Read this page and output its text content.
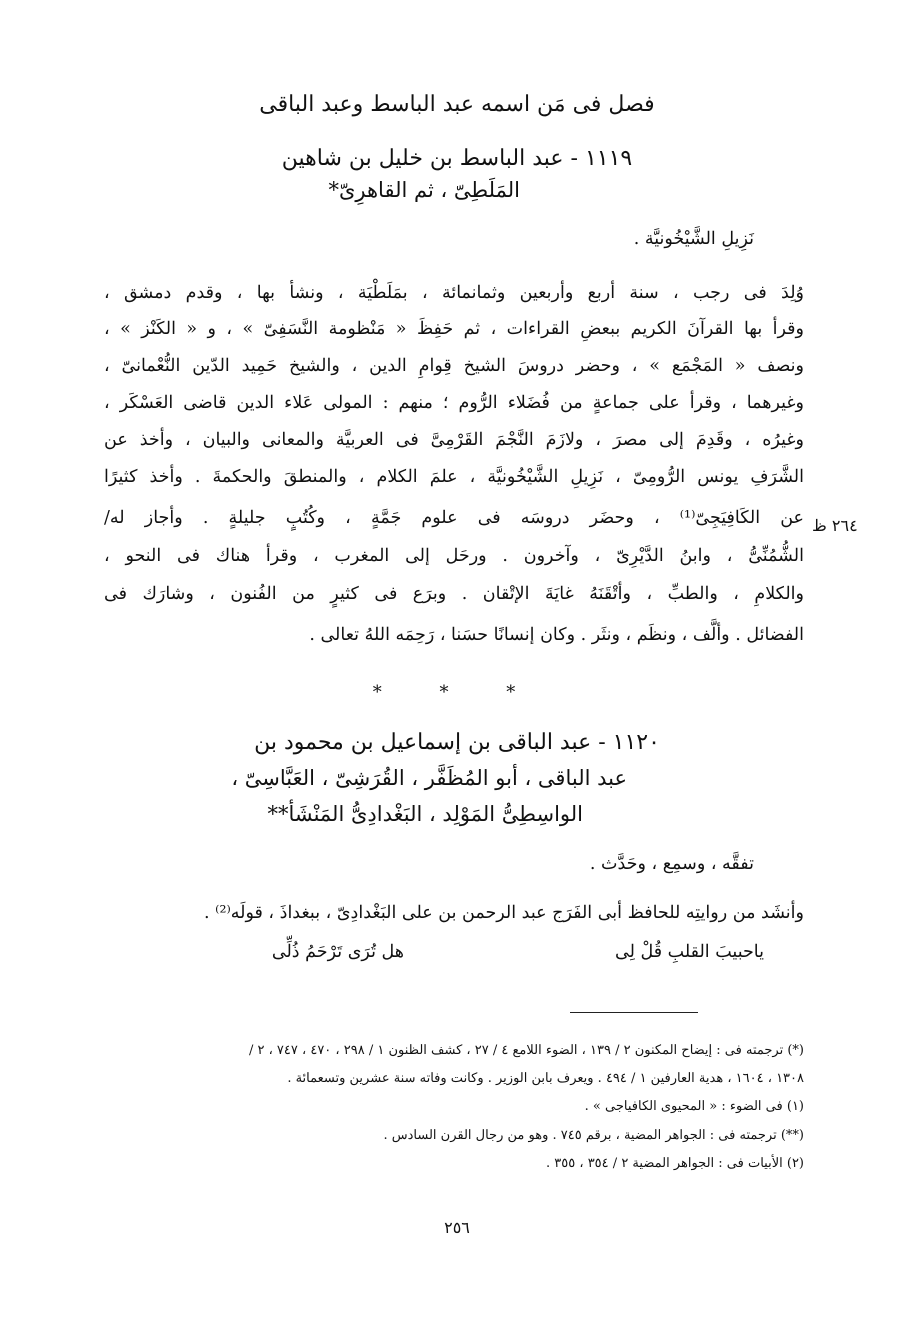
فصل فى مَن اسمه عبد الباسط وعبد الباقى
١١١٩ - عبد الباسط بن خليل بن شاهين
المَلَطِىّ ، ثم القاهرِىّ*
نَزِيلِ الشَّيْخُونيَّة .
وُلِدَ فى رجب ، سنة أربع وأربعين وثمانمائة ، بمَلَطْيَة ، ونشأ بها ، وقدم دمشق ،
وقرأ بها القرآنَ الكريم ببعضِ القراءات ، ثم حَفِظَ « مَنْظومة النَّسَفِىّ » ، و « الكَنْز » ،
ونصف « المَجْمَع » ، وحضر دروسَ الشيخ قِوامِ الدين ، والشيخ حَمِيد الدّين النُّعْمانىّ ،
وغيرهما ، وقرأ على جماعةٍ من فُضَلاء الرُّوم ؛ منهم : المولى عَلاء الدين قاضى العَسْكَر ،
وغيرُه ، وقَدِمَ إلى مصرَ ، ولازَمَ النَّجْمَ القَرْمِىَّ فى العربيَّة والمعانى والبيان ، وأخذ عن
الشَّرَفِ يونس الرُّومِىّ ، نَزِيلِ الشَّيْخُونيَّة ، علمَ الكلام ، والمنطقَ والحكمةَ . وأخذ كثيرًا
عن الكَافِيَجِىّ⁽¹⁾ ، وحضَر دروسَه فى علوم جَمَّةٍ ، وكُتُبٍ جليلةٍ . وأجاز له/
الشُّمُنِّىُّ ، وابنُ الدَّيْرِىّ ، وآخرون . ورحَل إلى المغرب ، وقرأ هناك فى النحو ،
والكلامِ ، والطبِّ ، وأتْقَنَهُ غايَةَ الإتْقان . وبرَع فى كثيرٍ من الفُنون ، وشارَك فى
الفضائل . وألَّف ، ونظَم ، ونثَر . وكان إنسانًا حسَنا ، رَحِمَه اللهُ تعالى .
٢٦٤ ظ
* * *
١١٢٠ - عبد الباقى بن إسماعيل بن محمود بن
عبد الباقى ، أبو المُظَفَّر ، القُرَشِىّ ، العَبَّاسِىّ ،
الواسِطِىُّ المَوْلِد ، البَغْدادِىُّ المَنْشَأ**
تفقَّه ، وسمِع ، وحَدَّث .
وأنشَد من روايتِه للحافظ أبى الفَرَج عبد الرحمن بن على البَغْدادِىّ ، ببغداذَ ، قولَه⁽²⁾ .
ياحبيبَ القلبِ قُلْ لِى
هل تُرَى تَرْحَمُ ذُلِّى
(*) ترجمته فى : إيضاح المكنون ٢ / ١٣٩ ، الضوء اللامع ٤ / ٢٧ ، كشف الظنون ١ / ٢٩٨ ، ٤٧٠ ، ٧٤٧ ، ٢ /
١٣٠٨ ، ١٦٠٤ ، هدية العارفين ١ / ٤٩٤ . ويعرف بابن الوزير . وكانت وفاته سنة عشرين وتسعمائة .
(١) فى الضوء : « المحيوى الكافياجى » .
(**) ترجمته فى : الجواهر المضية ، برقم ٧٤٥ . وهو من رجال القرن السادس .
(٢) الأبيات فى : الجواهر المضية ٢ / ٣٥٤ ، ٣٥٥ .
٢٥٦
